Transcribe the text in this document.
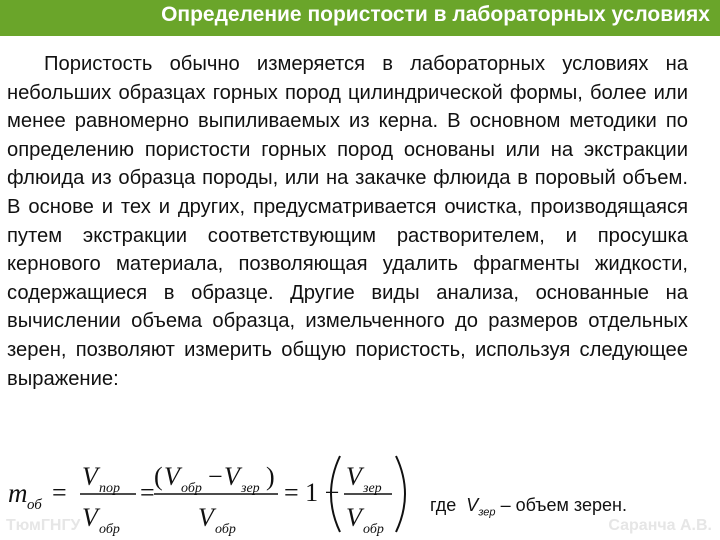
Определение пористости в лабораторных условиях
Пористость обычно измеряется в лабораторных условиях на небольших образцах горных пород цилиндрической формы, более или менее равномерно выпиливаемых из керна. В основном методики по определению пористости горных пород основаны или на экстракции флюида из образца породы, или на закачке флюида в поровый объем. В основе и тех и других, предусматривается очистка, производящаяся путем экстракции соответствующим растворителем, и просушка кернового материала, позволяющая удалить фрагменты жидкости, содержащиеся в образце. Другие виды анализа, основанные на вычислении объема образца, измельченного до размеров отдельных зерен, позволяют измерить общую пористость, используя следующее выражение:
m об =
V пор
V обр
=
( V обр − V зер )
V обр
= 1 −
V зер
V обр
где $V_{зер}$ – объем зерен.
ТюмГНГУ	Саранча А.В.
